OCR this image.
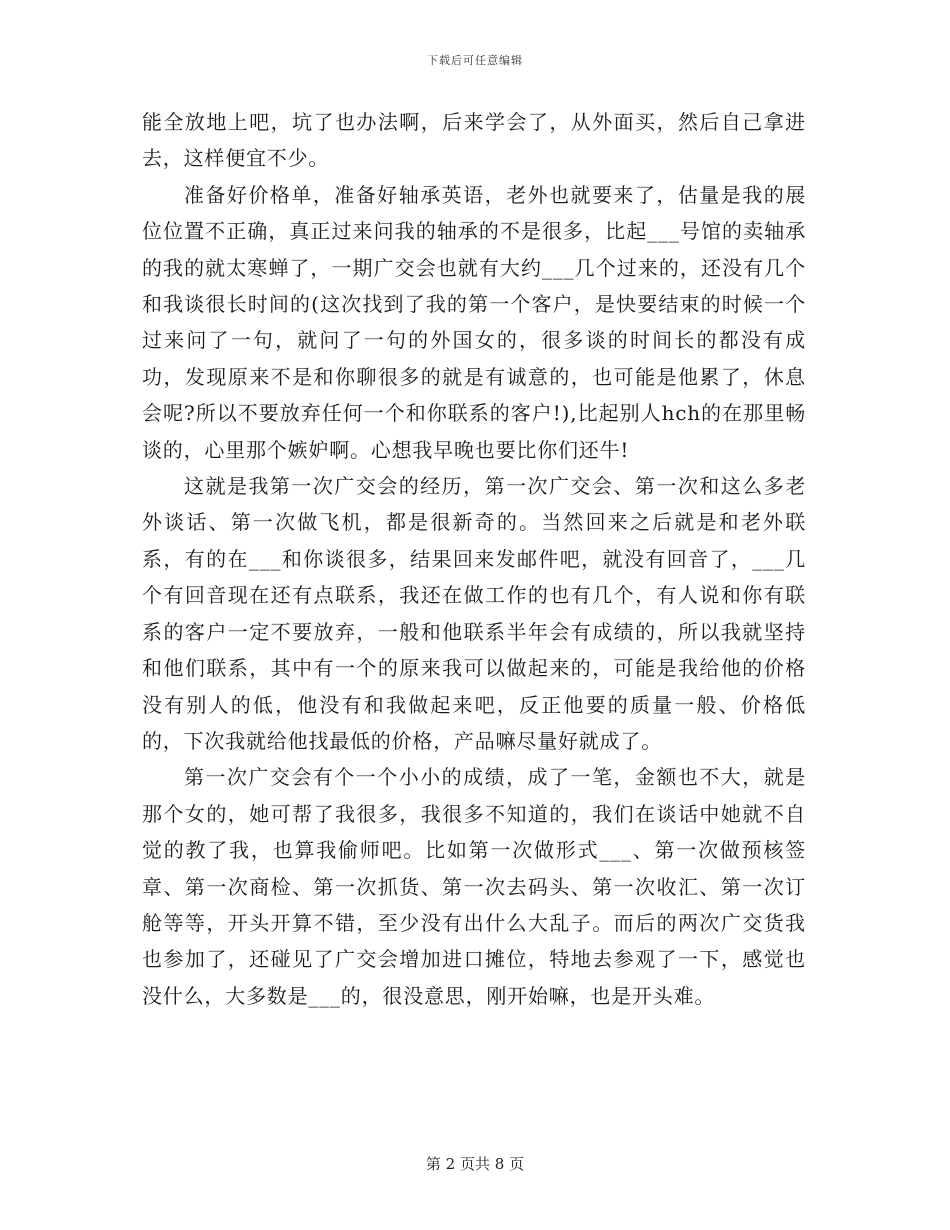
下载后可任意编辑

能全放地上吧，坑了也办法啊，后来学会了，从外面买，然后自己拿进去，这样便宜不少。

准备好价格单，准备好轴承英语，老外也就要来了，估量是我的展位位置不正确，真正过来问我的轴承的不是很多，比起___号馆的卖轴承的我的就太寒蝉了，一期广交会也就有大约___几个过来的，还没有几个和我谈很长时间的(这次找到了我的第一个客户，是快要结束的时候一个过来问了一句，就问了一句的外国女的，很多谈的时间长的都没有成功，发现原来不是和你聊很多的就是有诚意的，也可能是他累了，休息会呢?所以不要放弃任何一个和你联系的客户!),比起别人hch的在那里畅谈的，心里那个嫉妒啊。心想我早晚也要比你们还牛!

这就是我第一次广交会的经历，第一次广交会、第一次和这么多老外谈话、第一次做飞机，都是很新奇的。当然回来之后就是和老外联系，有的在___和你谈很多，结果回来发邮件吧，就没有回音了，___几个有回音现在还有点联系，我还在做工作的也有几个，有人说和你有联系的客户一定不要放弃，一般和他联系半年会有成绩的，所以我就坚持和他们联系，其中有一个的原来我可以做起来的，可能是我给他的价格没有别人的低，他没有和我做起来吧，反正他要的质量一般、价格低的，下次我就给他找最低的价格，产品嘛尽量好就成了。

第一次广交会有个一个小小的成绩，成了一笔，金额也不大，就是那个女的，她可帮了我很多，我很多不知道的，我们在谈话中她就不自觉的教了我，也算我偷师吧。比如第一次做形式___、第一次做预核签章、第一次商检、第一次抓货、第一次去码头、第一次收汇、第一次订舱等等，开头开算不错，至少没有出什么大乱子。而后的两次广交货我也参加了，还碰见了广交会增加进口摊位，特地去参观了一下，感觉也没什么，大多数是___的，很没意思，刚开始嘛，也是开头难。

第 2 页共 8 页
